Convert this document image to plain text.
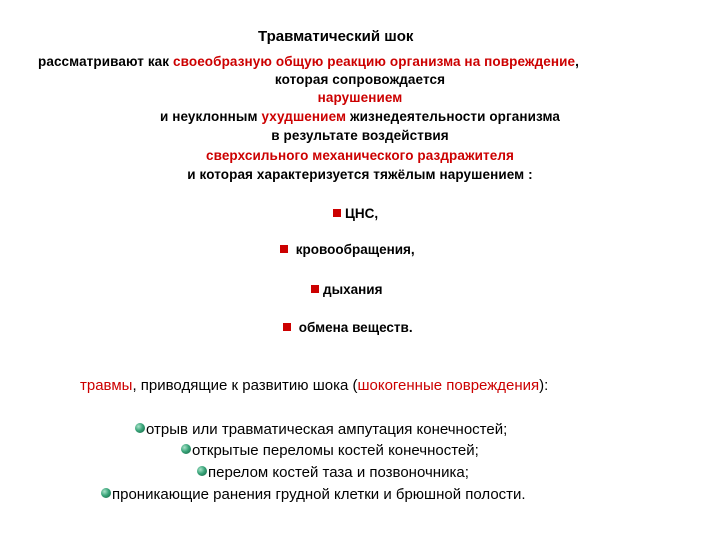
Травматический шок
рассматривают как своеобразную общую реакцию организма на повреждение,
которая сопровождается
нарушением
и неуклонным ухудшением жизнедеятельности организма
в результате воздействия
сверхсильного механического раздражителя
и которая характеризуется тяжёлым нарушением :
ЦНС,
кровообращения,
дыхания
обмена веществ.
травмы, приводящие к развитию шока (шокогенные повреждения):
отрыв или травматическая ампутация конечностей;
открытые переломы костей конечностей;
перелом костей таза и позвоночника;
проникающие ранения грудной клетки и брюшной полости.
